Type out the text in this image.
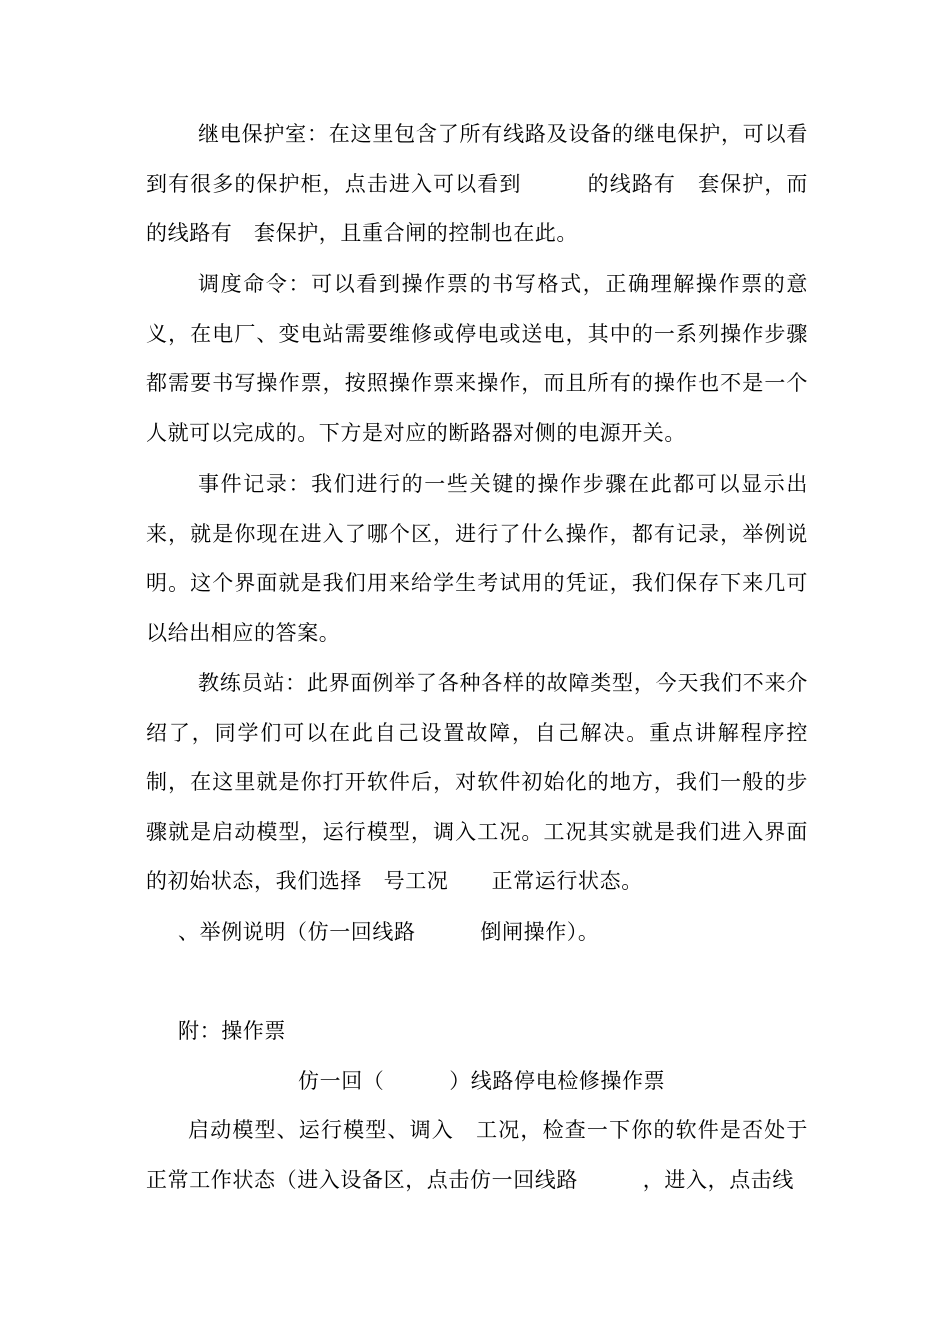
继电保护室：在这里包含了所有线路及设备的继电保护，可以看到有很多的保护柜，点击进入可以看到　　　的线路有　套保护，而　　　的线路有　套保护，且重合闸的控制也在此。

调度命令：可以看到操作票的书写格式，正确理解操作票的意义，在电厂、变电站需要维修或停电或送电，其中的一系列操作步骤都需要书写操作票，按照操作票来操作，而且所有的操作也不是一个人就可以完成的。下方是对应的断路器对侧的电源开关。

事件记录：我们进行的一些关键的操作步骤在此都可以显示出来，就是你现在进入了哪个区，进行了什么操作，都有记录，举例说明。这个界面就是我们用来给学生考试用的凭证，我们保存下来几可以给出相应的答案。

教练员站：此界面例举了各种各样的故障类型，今天我们不来介绍了，同学们可以在此自己设置故障，自己解决。重点讲解程序控制，在这里就是你打开软件后，对软件初始化的地方，我们一般的步骤就是启动模型，运行模型，调入工况。工况其实就是我们进入界面的初始状态，我们选择　号工况　　正常运行状态。

、举例说明（仿一回线路　　　倒闸操作）。

附：操作票

仿一回（　　　）线路停电检修操作票

启动模型、运行模型、调入　工况，检查一下你的软件是否处于正常工作状态（进入设备区，点击仿一回线路　　　，进入，点击线
